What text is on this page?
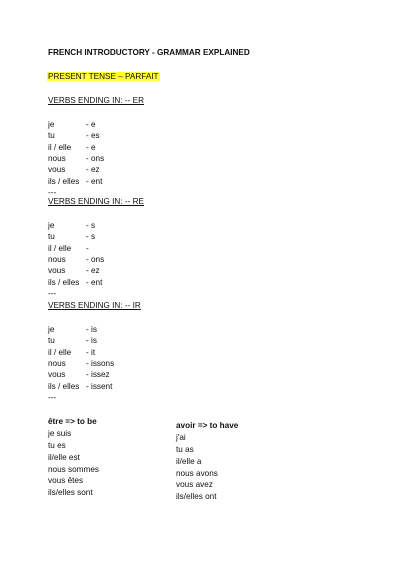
FRENCH INTRODUCTORY - GRAMMAR EXPLAINED
PRESENT TENSE – PARFAIT
VERBS ENDING IN: -- ER
je	- e
tu	- es
il / elle - e
nous - ons
vous	- ez
ils / elles - ent
---
VERBS ENDING IN: -- RE
je	- s
tu	- s
il / elle -
nous - ons
vous	- ez
ils / elles - ent
---
VERBS ENDING IN: -- IR
je	- is
tu	- is
il / elle - it
nous - issons
vous	- issez
ils / elles - issent
---
être => to be
je suis
tu es
il/elle est
nous sommes
vous êtes
ils/elles sont
avoir => to have
j'ai
tu as
il/elle a
nous avons
vous avez
ils/elles ont
